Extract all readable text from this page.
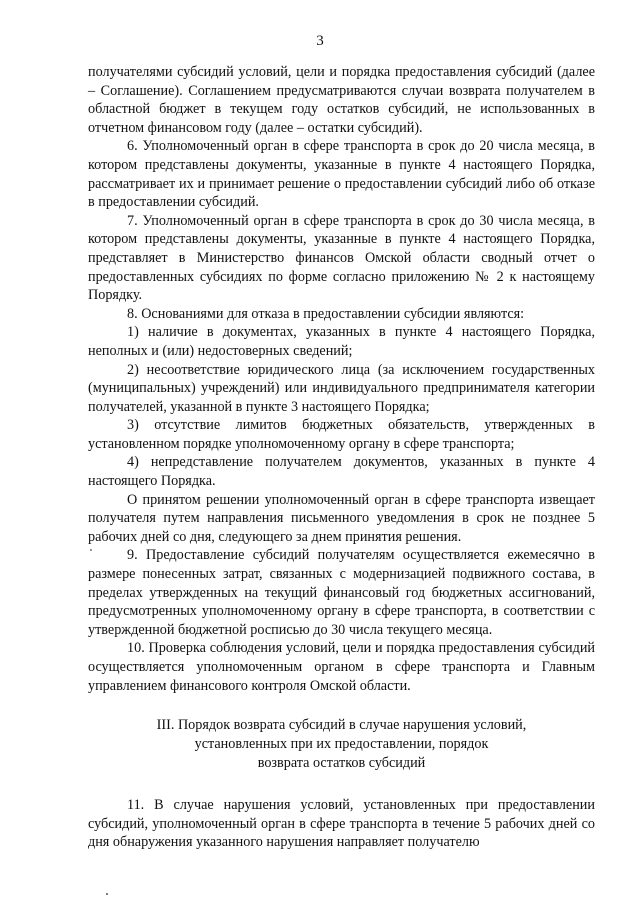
3

получателями субсидий условий, цели и порядка предоставления субсидий (далее – Соглашение). Соглашением предусматриваются случаи возврата получателем в областной бюджет в текущем году остатков субсидий, не использованных в отчетном финансовом году (далее – остатки субсидий).

6. Уполномоченный орган в сфере транспорта в срок до 20 числа месяца, в котором представлены документы, указанные в пункте 4 настоящего Порядка, рассматривает их и принимает решение о предоставлении субсидий либо об отказе в предоставлении субсидий.

7. Уполномоченный орган в сфере транспорта в срок до 30 числа месяца, в котором представлены документы, указанные в пункте 4 настоящего Порядка, представляет в Министерство финансов Омской области сводный отчет о предоставленных субсидиях по форме согласно приложению № 2 к настоящему Порядку.

8. Основаниями для отказа в предоставлении субсидии являются:

1) наличие в документах, указанных в пункте 4 настоящего Порядка, неполных и (или) недостоверных сведений;

2) несоответствие юридического лица (за исключением государственных (муниципальных) учреждений) или индивидуального предпринимателя категории получателей, указанной в пункте 3 настоящего Порядка;

3) отсутствие лимитов бюджетных обязательств, утвержденных в установленном порядке уполномоченному органу в сфере транспорта;

4) непредставление получателем документов, указанных в пункте 4 настоящего Порядка.

О принятом решении уполномоченный орган в сфере транспорта извещает получателя путем направления письменного уведомления в срок не позднее 5 рабочих дней со дня, следующего за днем принятия решения.

9. Предоставление субсидий получателям осуществляется ежемесячно в размере понесенных затрат, связанных с модернизацией подвижного состава, в пределах утвержденных на текущий финансовый год бюджетных ассигнований, предусмотренных уполномоченному органу в сфере транспорта, в соответствии с утвержденной бюджетной росписью до 30 числа текущего месяца.

10. Проверка соблюдения условий, цели и порядка предоставления субсидий осуществляется уполномоченным органом в сфере транспорта и Главным управлением финансового контроля Омской области.

III. Порядок возврата субсидий в случае нарушения условий,
установленных при их предоставлении, порядок
возврата остатков субсидий

11. В случае нарушения условий, установленных при предоставлении субсидий, уполномоченный орган в сфере транспорта в течение 5 рабочих дней со дня обнаружения указанного нарушения направляет получателю
